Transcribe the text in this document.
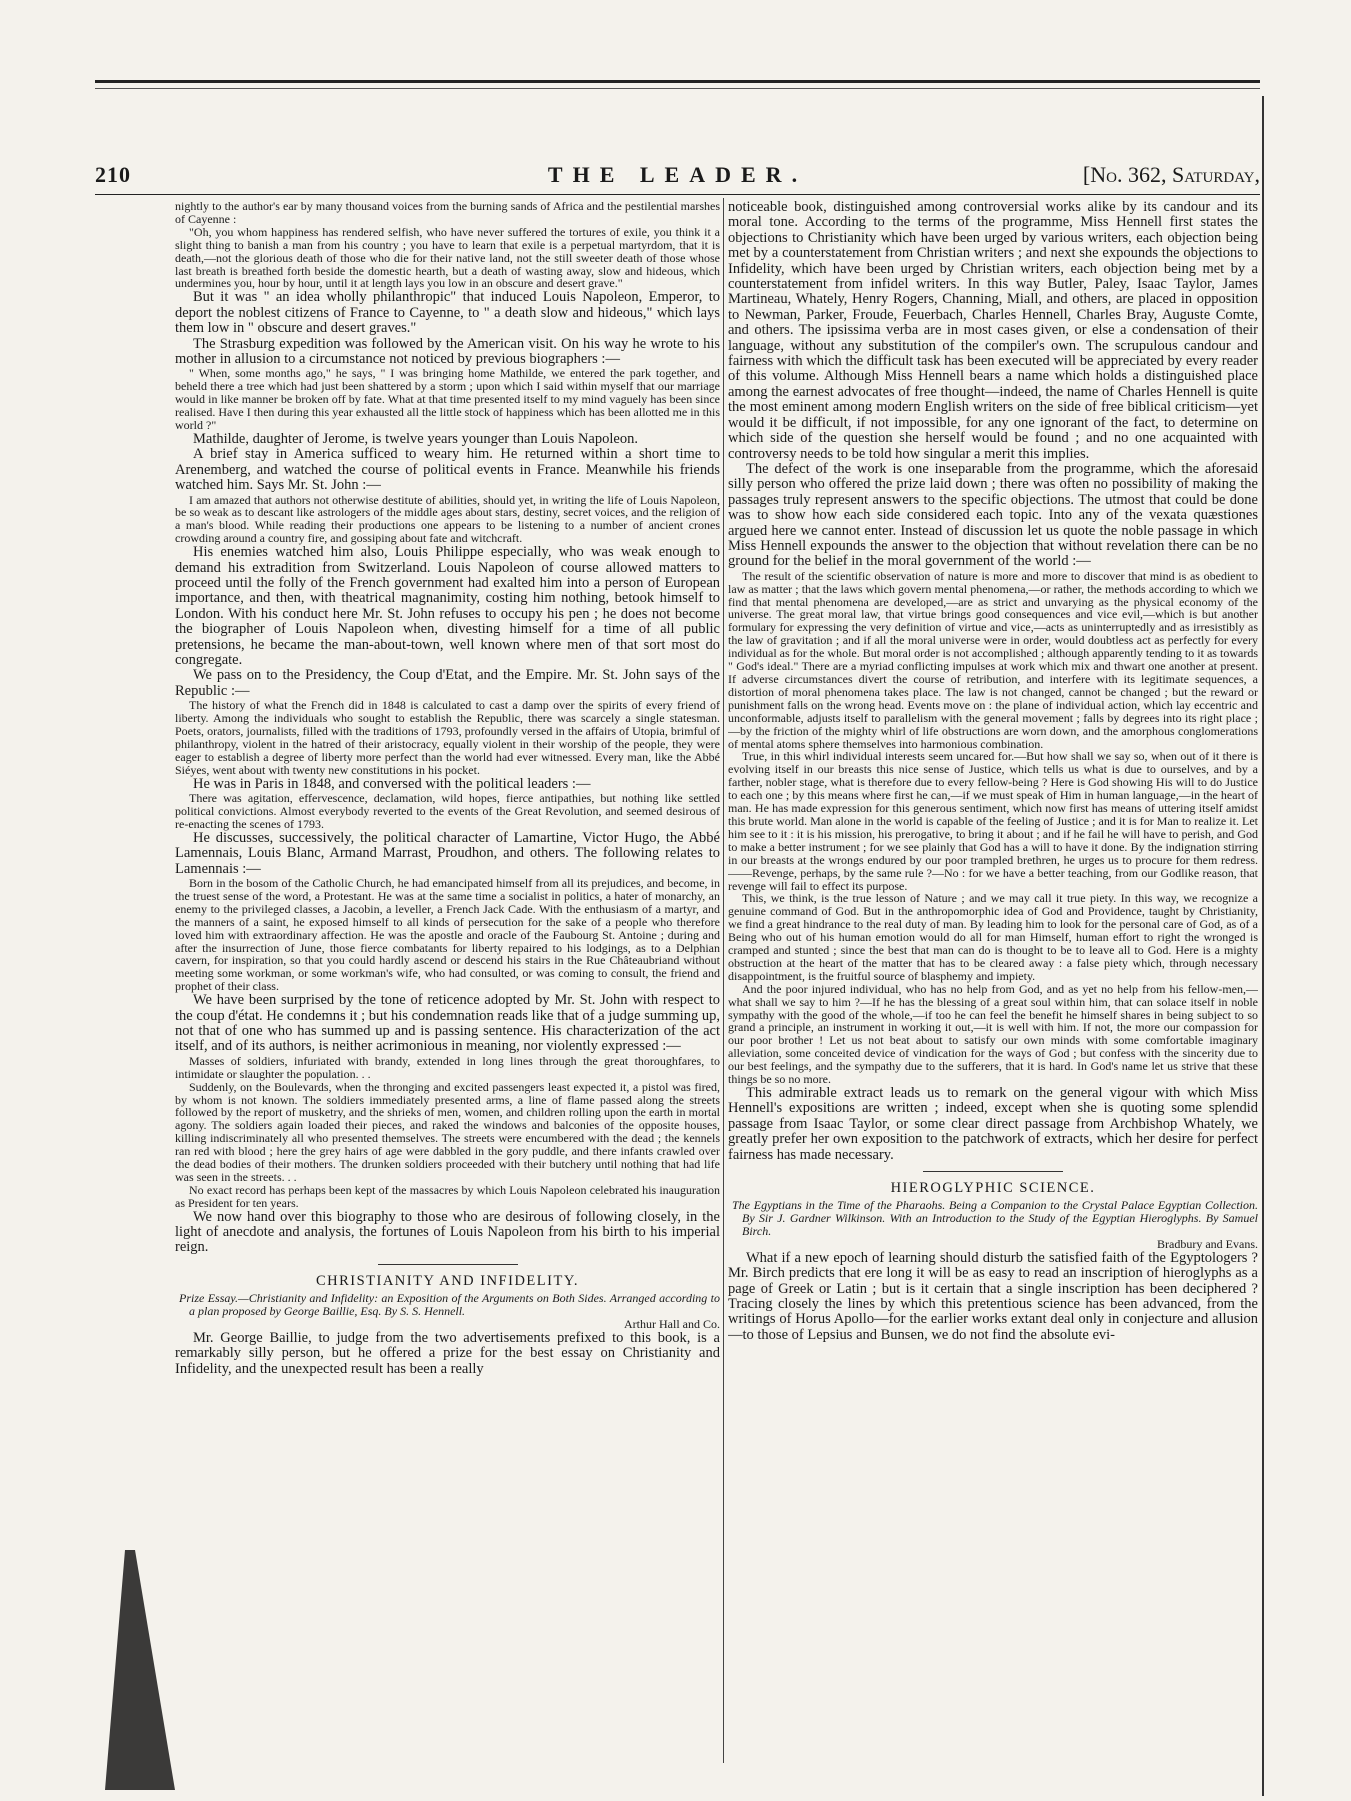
210	THE LEADER.	[No. 362, Saturday,

nightly to the author's ear by many thousand voices from the burning sands of Africa and the pestilential marshes of Cayenne :

"Oh, you whom happiness has rendered selfish, who have never suffered the tortures of exile, you think it a slight thing to banish a man from his country ; you have to learn that exile is a perpetual martyrdom, that it is death,—not the glorious death of those who die for their native land, not the still sweeter death of those whose last breath is breathed forth beside the domestic hearth, but a death of wasting away, slow and hideous, which undermines you, hour by hour, until it at length lays you low in an obscure and desert grave."

But it was " an idea wholly philanthropic" that induced Louis Napoleon, Emperor, to deport the noblest citizens of France to Cayenne, to " a death slow and hideous," which lays them low in " obscure and desert graves."

The Strasburg expedition was followed by the American visit. On his way he wrote to his mother in allusion to a circumstance not noticed by previous biographers :—

" When, some months ago," he says, " I was bringing home Mathilde, we entered the park together, and beheld there a tree which had just been shattered by a storm ; upon which I said within myself that our marriage would in like manner be broken off by fate. What at that time presented itself to my mind vaguely has been since realised. Have I then during this year exhausted all the little stock of happiness which has been allotted me in this world ?"

Mathilde, daughter of Jerome, is twelve years younger than Louis Napoleon.

A brief stay in America sufficed to weary him. He returned within a short time to Arenemberg, and watched the course of political events in France. Meanwhile his friends watched him. Says Mr. St. John :—

I am amazed that authors not otherwise destitute of abilities, should yet, in writing the life of Louis Napoleon, be so weak as to descant like astrologers of the middle ages about stars, destiny, secret voices, and the religion of a man's blood. While reading their productions one appears to be listening to a number of ancient crones crowding around a country fire, and gossiping about fate and witchcraft.

His enemies watched him also, Louis Philippe especially, who was weak enough to demand his extradition from Switzerland. Louis Napoleon of course allowed matters to proceed until the folly of the French government had exalted him into a person of European importance, and then, with theatrical magnanimity, costing him nothing, betook himself to London. With his conduct here Mr. St. John refuses to occupy his pen ; he does not become the biographer of Louis Napoleon when, divesting himself for a time of all public pretensions, he became the man-about-town, well known where men of that sort most do congregate.

We pass on to the Presidency, the Coup d'Etat, and the Empire. Mr. St. John says of the Republic :—

The history of what the French did in 1848 is calculated to cast a damp over the spirits of every friend of liberty. Among the individuals who sought to establish the Republic, there was scarcely a single statesman. Poets, orators, journalists, filled with the traditions of 1793, profoundly versed in the affairs of Utopia, brimful of philanthropy, violent in the hatred of their aristocracy, equally violent in their worship of the people, they were eager to establish a degree of liberty more perfect than the world had ever witnessed. Every man, like the Abbé Siéyes, went about with twenty new constitutions in his pocket.

He was in Paris in 1848, and conversed with the political leaders :—

There was agitation, effervescence, declamation, wild hopes, fierce antipathies, but nothing like settled political convictions. Almost everybody reverted to the events of the Great Revolution, and seemed desirous of re-enacting the scenes of 1793.

He discusses, successively, the political character of Lamartine, Victor Hugo, the Abbé Lamennais, Louis Blanc, Armand Marrast, Proudhon, and others. The following relates to Lamennais :—

Born in the bosom of the Catholic Church, he had emancipated himself from all its prejudices, and become, in the truest sense of the word, a Protestant. He was at the same time a socialist in politics, a hater of monarchy, an enemy to the privileged classes, a Jacobin, a leveller, a French Jack Cade. With the enthusiasm of a martyr, and the manners of a saint, he exposed himself to all kinds of persecution for the sake of a people who therefore loved him with extraordinary affection. He was the apostle and oracle of the Faubourg St. Antoine ; during and after the insurrection of June, those fierce combatants for liberty repaired to his lodgings, as to a Delphian cavern, for inspiration, so that you could hardly ascend or descend his stairs in the Rue Châteaubriand without meeting some workman, or some workman's wife, who had consulted, or was coming to consult, the friend and prophet of their class.

We have been surprised by the tone of reticence adopted by Mr. St. John with respect to the coup d'état. He condemns it ; but his condemnation reads like that of a judge summing up, not that of one who has summed up and is passing sentence. His characterization of the act itself, and of its authors, is neither acrimonious in meaning, nor violently expressed :—

Masses of soldiers, infuriated with brandy, extended in long lines through the great thoroughfares, to intimidate or slaughter the population. . .

Suddenly, on the Boulevards, when the thronging and excited passengers least expected it, a pistol was fired, by whom is not known. The soldiers immediately presented arms, a line of flame passed along the streets followed by the report of musketry, and the shrieks of men, women, and children rolling upon the earth in mortal agony. The soldiers again loaded their pieces, and raked the windows and balconies of the opposite houses, killing indiscriminately all who presented themselves. The streets were encumbered with the dead ; the kennels ran red with blood ; here the grey hairs of age were dabbled in the gory puddle, and there infants crawled over the dead bodies of their mothers. The drunken soldiers proceeded with their butchery until nothing that had life was seen in the streets. . .

No exact record has perhaps been kept of the massacres by which Louis Napoleon celebrated his inauguration as President for ten years.

We now hand over this biography to those who are desirous of following closely, in the light of anecdote and analysis, the fortunes of Louis Napoleon from his birth to his imperial reign.

CHRISTIANITY AND INFIDELITY.

Prize Essay.—Christianity and Infidelity: an Exposition of the Arguments on Both Sides. Arranged according to a plan proposed by George Baillie, Esq. By S. S. Hennell.

Arthur Hall and Co.

Mr. George Baillie, to judge from the two advertisements prefixed to this book, is a remarkably silly person, but he offered a prize for the best essay on Christianity and Infidelity, and the unexpected result has been a really

noticeable book, distinguished among controversial works alike by its candour and its moral tone. According to the terms of the programme, Miss Hennell first states the objections to Christianity which have been urged by various writers, each objection being met by a counterstatement from Christian writers ; and next she expounds the objections to Infidelity, which have been urged by Christian writers, each objection being met by a counterstatement from infidel writers. In this way Butler, Paley, Isaac Taylor, James Martineau, Whately, Henry Rogers, Channing, Miall, and others, are placed in opposition to Newman, Parker, Froude, Feuerbach, Charles Hennell, Charles Bray, Auguste Comte, and others. The ipsissima verba are in most cases given, or else a condensation of their language, without any substitution of the compiler's own. The scrupulous candour and fairness with which the difficult task has been executed will be appreciated by every reader of this volume. Although Miss Hennell bears a name which holds a distinguished place among the earnest advocates of free thought—indeed, the name of Charles Hennell is quite the most eminent among modern English writers on the side of free biblical criticism—yet would it be difficult, if not impossible, for any one ignorant of the fact, to determine on which side of the question she herself would be found ; and no one acquainted with controversy needs to be told how singular a merit this implies.

The defect of the work is one inseparable from the programme, which the aforesaid silly person who offered the prize laid down ; there was often no possibility of making the passages truly represent answers to the specific objections. The utmost that could be done was to show how each side considered each topic. Into any of the vexata quæstiones argued here we cannot enter. Instead of discussion let us quote the noble passage in which Miss Hennell expounds the answer to the objection that without revelation there can be no ground for the belief in the moral government of the world :—

The result of the scientific observation of nature is more and more to discover that mind is as obedient to law as matter ; that the laws which govern mental phenomena,—or rather, the methods according to which we find that mental phenomena are developed,—are as strict and unvarying as the physical economy of the universe. The great moral law, that virtue brings good consequences and vice evil,—which is but another formulary for expressing the very definition of virtue and vice,—acts as uninterruptedly and as irresistibly as the law of gravitation ; and if all the moral universe were in order, would doubtless act as perfectly for every individual as for the whole. But moral order is not accomplished ; although apparently tending to it as towards " God's ideal." There are a myriad conflicting impulses at work which mix and thwart one another at present. If adverse circumstances divert the course of retribution, and interfere with its legitimate sequences, a distortion of moral phenomena takes place. The law is not changed, cannot be changed ; but the reward or punishment falls on the wrong head. Events move on : the plane of individual action, which lay eccentric and unconformable, adjusts itself to parallelism with the general movement ; falls by degrees into its right place ;—by the friction of the mighty whirl of life obstructions are worn down, and the amorphous conglomerations of mental atoms sphere themselves into harmonious combination.

True, in this whirl individual interests seem uncared for.—But how shall we say so, when out of it there is evolving itself in our breasts this nice sense of Justice, which tells us what is due to ourselves, and by a farther, nobler stage, what is therefore due to every fellow-being ? Here is God showing His will to do Justice to each one ; by this means where first he can,—if we must speak of Him in human language,—in the heart of man. He has made expression for this generous sentiment, which now first has means of uttering itself amidst this brute world. Man alone in the world is capable of the feeling of Justice ; and it is for Man to realize it. Let him see to it : it is his mission, his prerogative, to bring it about ; and if he fail he will have to perish, and God to make a better instrument ; for we see plainly that God has a will to have it done. By the indignation stirring in our breasts at the wrongs endured by our poor trampled brethren, he urges us to procure for them redress.——Revenge, perhaps, by the same rule ?—No : for we have a better teaching, from our Godlike reason, that revenge will fail to effect its purpose.

This, we think, is the true lesson of Nature ; and we may call it true piety. In this way, we recognize a genuine command of God. But in the anthropomorphic idea of God and Providence, taught by Christianity, we find a great hindrance to the real duty of man. By leading him to look for the personal care of God, as of a Being who out of his human emotion would do all for man Himself, human effort to right the wronged is cramped and stunted ; since the best that man can do is thought to be to leave all to God. Here is a mighty obstruction at the heart of the matter that has to be cleared away : a false piety which, through necessary disappointment, is the fruitful source of blasphemy and impiety.

And the poor injured individual, who has no help from God, and as yet no help from his fellow-men,—what shall we say to him ?—If he has the blessing of a great soul within him, that can solace itself in noble sympathy with the good of the whole,—if too he can feel the benefit he himself shares in being subject to so grand a principle, an instrument in working it out,—it is well with him. If not, the more our compassion for our poor brother ! Let us not beat about to satisfy our own minds with some comfortable imaginary alleviation, some conceited device of vindication for the ways of God ; but confess with the sincerity due to our best feelings, and the sympathy due to the sufferers, that it is hard. In God's name let us strive that these things be so no more.

This admirable extract leads us to remark on the general vigour with which Miss Hennell's expositions are written ; indeed, except when she is quoting some splendid passage from Isaac Taylor, or some clear direct passage from Archbishop Whately, we greatly prefer her own exposition to the patchwork of extracts, which her desire for perfect fairness has made necessary.

HIEROGLYPHIC SCIENCE.

The Egyptians in the Time of the Pharaohs. Being a Companion to the Crystal Palace Egyptian Collection. By Sir J. Gardner Wilkinson. With an Introduction to the Study of the Egyptian Hieroglyphs. By Samuel Birch.

Bradbury and Evans.

What if a new epoch of learning should disturb the satisfied faith of the Egyptologers ? Mr. Birch predicts that ere long it will be as easy to read an inscription of hieroglyphs as a page of Greek or Latin ; but is it certain that a single inscription has been deciphered ? Tracing closely the lines by which this pretentious science has been advanced, from the writings of Horus Apollo—for the earlier works extant deal only in conjecture and allusion—to those of Lepsius and Bunsen, we do not find the absolute evi-
